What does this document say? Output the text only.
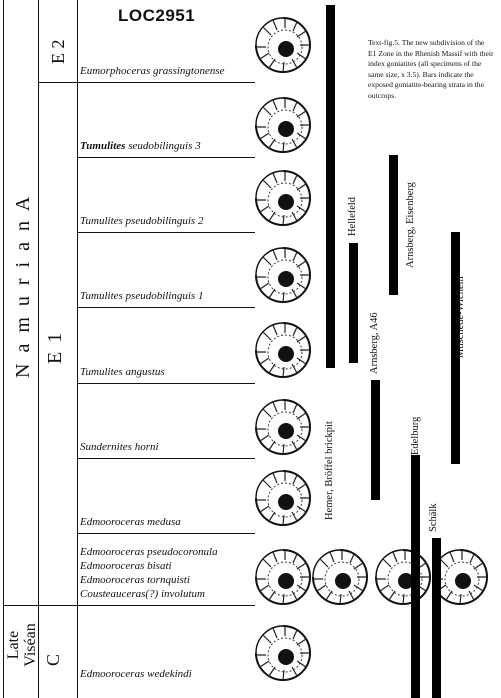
LOC2951
N a m u r i a n A
E 2
E 1
Late Viséan C
Eumorphoceras grassingtonense
Tumulites seudobilinguis 3
Tumulites pseudobilinguis 2
Tumulites pseudobilinguis 1
Tumulites angustus
Sundernites horni
Edmooroceras medusa
Edmooroceras pseudocoronula
Edmooroceras bisati
Edmooroceras tornquisti
Cousteauceras(?) involutum
Edmooroceras wedekindi
Text-fig.5. The new subdivision of the E1 Zone in the Rhenish Massif with their index goniatites (all specimens of the same size, x 3.5). Bars indicate the exposed goniatite-bearing strata in the outcrops.
Hemer, Bröffel brickpit
Hellefeld
Arnsberg, A46
Arnsberg, Eisenberg
Edelburg
Schälk
Müschede-Wicheln
